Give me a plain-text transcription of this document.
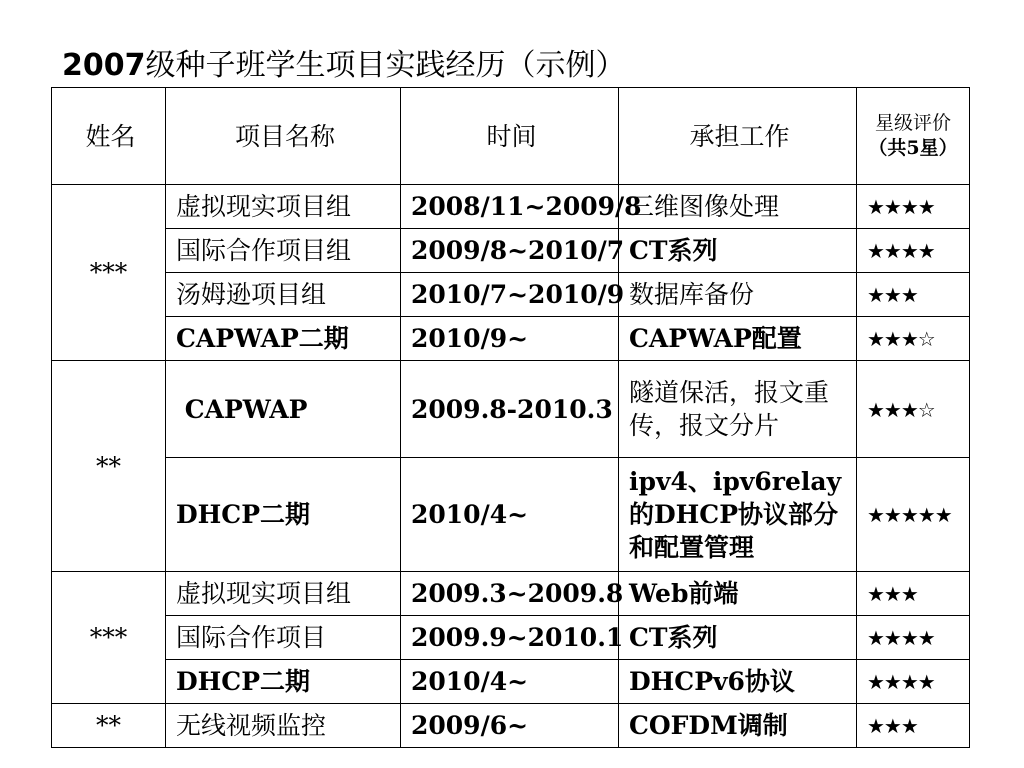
2007级种子班学生项目实践经历（示例）
姓名	项目名称	时间	承担工作	星级评价
（共5星）
***	虚拟现实项目组	2008/11~2009/8	三维图像处理	★★★★
	国际合作项目组	2009/8~2010/7	CT系列	★★★★
	汤姆逊项目组	2010/7~2010/9	数据库备份	★★★
	CAPWAP二期	2010/9~	CAPWAP配置	★★★☆
**	CAPWAP	2009.8-2010.3	隧道保活，报文重传，报文分片	★★★☆
	DHCP二期	2010/4~	ipv4、ipv6relay的DHCP协议部分和配置管理	★★★★★
***	虚拟现实项目组	2009.3~2009.8	Web前端	★★★
	国际合作项目	2009.9~2010.1	CT系列	★★★★
	DHCP二期	2010/4~	DHCPv6协议	★★★★
**	无线视频监控	2009/6~	COFDM调制	★★★
